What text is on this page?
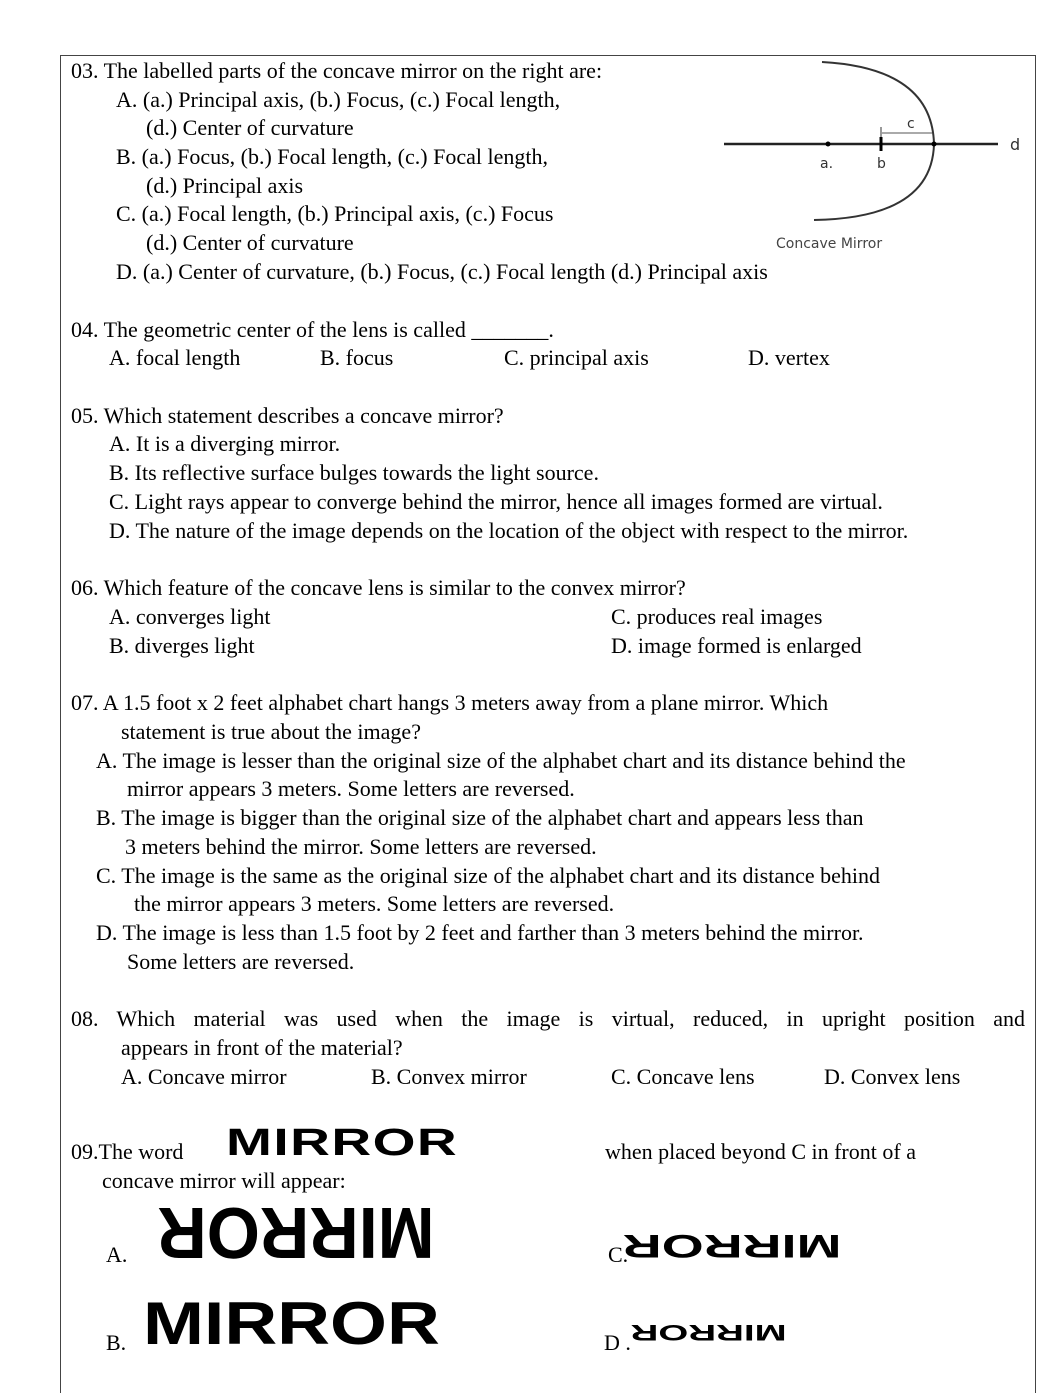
03. The labelled parts of the concave mirror on the right are:
A. (a.) Principal axis, (b.) Focus, (c.) Focal length,
(d.) Center of curvature
B. (a.) Focus, (b.) Focal length, (c.) Focal length,
(d.) Principal axis
C. (a.) Focal length, (b.) Principal axis, (c.) Focus
(d.) Center of curvature
D. (a.) Center of curvature, (b.) Focus, (c.) Focal length (d.) Principal axis
c
d
a.	b
Concave Mirror
04. The geometric center of the lens is called _______.
A. focal length	B. focus	C. principal axis	D. vertex
05. Which statement describes a concave mirror?
A. It is a diverging mirror.
B. Its reflective surface bulges towards the light source.
C. Light rays appear to converge behind the mirror, hence all images formed are virtual.
D. The nature of the image depends on the location of the object with respect to the mirror.
06. Which feature of the concave lens is similar to the convex mirror?
A. converges light
B. diverges light
C. produces real images
D. image formed is enlarged
07. A 1.5 foot x 2 feet alphabet chart hangs 3 meters away from a plane mirror. Which
statement is true about the image?
A. The image is lesser than the original size of the alphabet chart and its distance behind the
mirror appears 3 meters. Some letters are reversed.
B. The image is bigger than the original size of the alphabet chart and appears less than
3 meters behind the mirror. Some letters are reversed.
C. The image is the same as the original size of the alphabet chart and its distance behind
the mirror appears 3 meters. Some letters are reversed.
D. The image is less than 1.5 foot by 2 feet and farther than 3 meters behind the mirror.
Some letters are reversed.
08. Which material was used when the image is virtual, reduced, in upright position and
appears in front of the material?
A. Concave mirror	B. Convex mirror	C. Concave lens	D. Convex lens
09.The word MIRROR	when placed beyond C in front of a
concave mirror will appear:
A. MIRROR
B. MIRROR
C.
MIRROR
D . MIRROR
